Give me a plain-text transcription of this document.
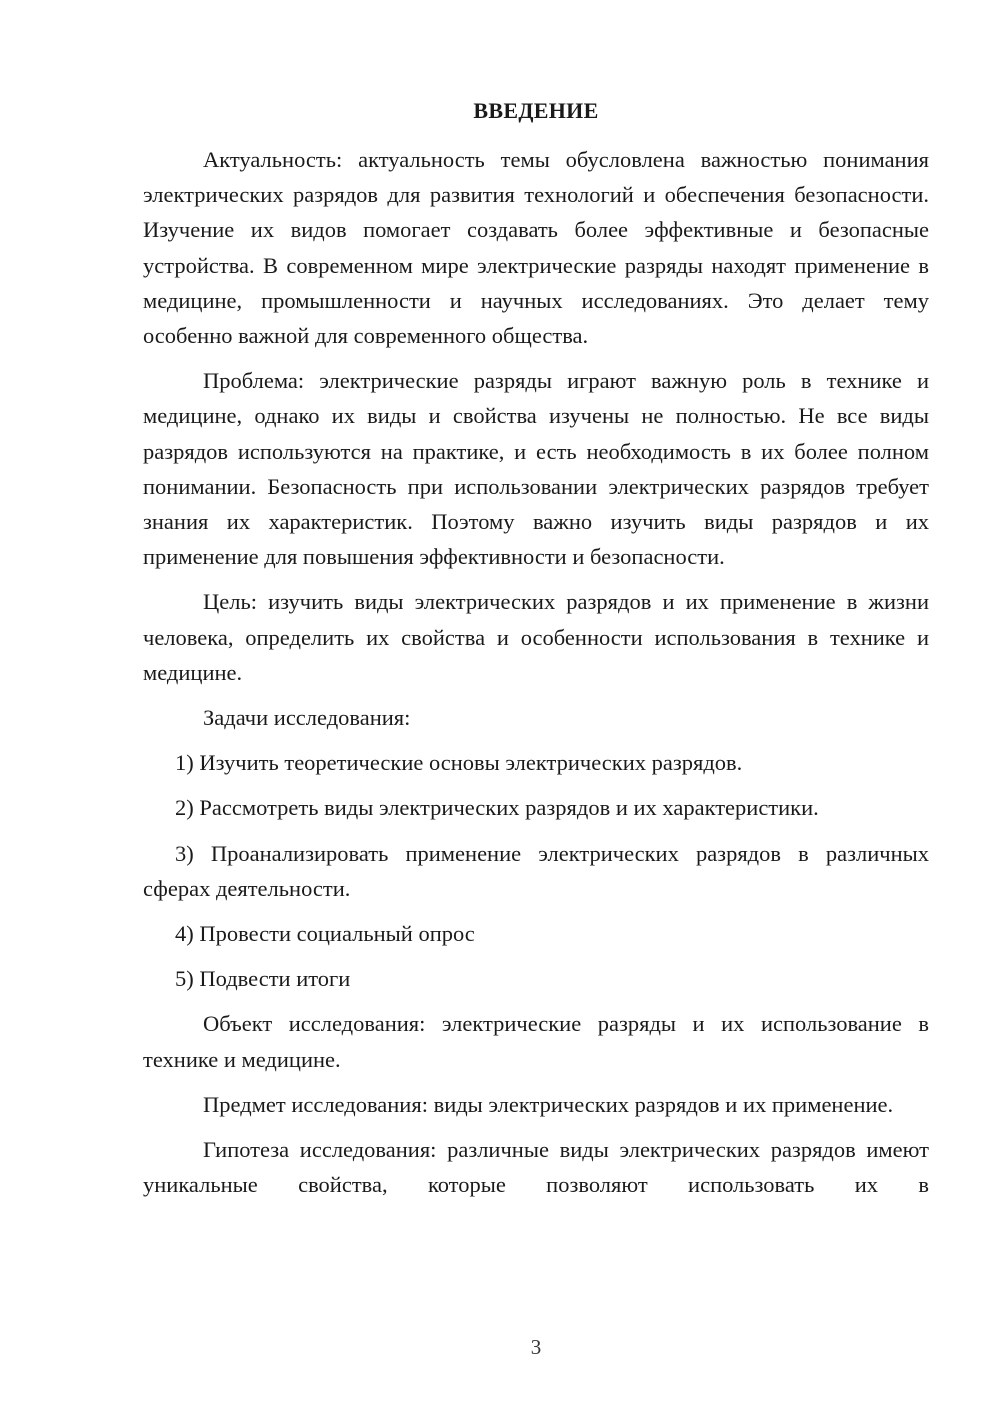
ВВЕДЕНИЕ

Актуальность: актуальность темы обусловлена важностью понимания электрических разрядов для развития технологий и обеспечения безопасности. Изучение их видов помогает создавать более эффективные и безопасные устройства. В современном мире электрические разряды находят применение в медицине, промышленности и научных исследованиях. Это делает тему особенно важной для современного общества.

Проблема: электрические разряды играют важную роль в технике и медицине, однако их виды и свойства изучены не полностью. Не все виды разрядов используются на практике, и есть необходимость в их более полном понимании. Безопасность при использовании электрических разрядов требует знания их характеристик. Поэтому важно изучить виды разрядов и их применение для повышения эффективности и безопасности.

Цель: изучить виды электрических разрядов и их применение в жизни человека, определить их свойства и особенности использования в технике и медицине.

Задачи исследования:

1) Изучить теоретические основы электрических разрядов.

2) Рассмотреть виды электрических разрядов и их характеристики.

3) Проанализировать применение электрических разрядов в различных сферах деятельности.

4) Провести социальный опрос

5) Подвести итоги

Объект исследования: электрические разряды и их использование в технике и медицине.

Предмет исследования: виды электрических разрядов и их применение.

Гипотеза исследования: различные виды электрических разрядов имеют уникальные свойства, которые позволяют использовать их в

3
